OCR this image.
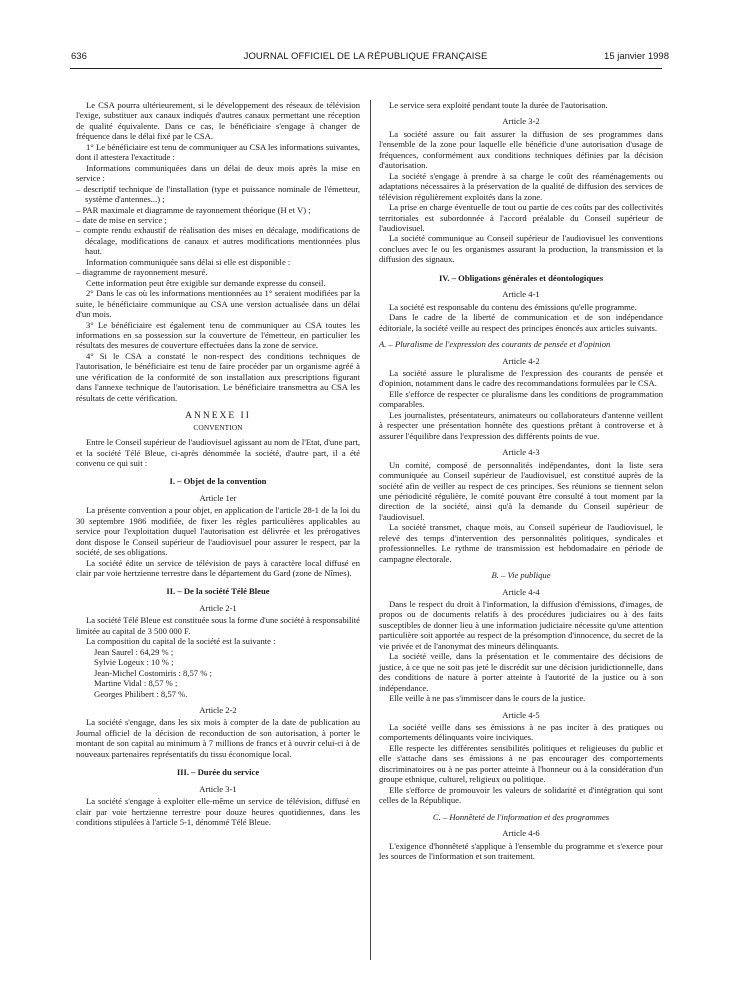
636	JOURNAL OFFICIEL DE LA RÉPUBLIQUE FRANÇAISE	15 janvier 1998

Le CSA pourra ultérieurement, si le développement des réseaux de télévision l'exige, substituer aux canaux indiqués d'autres canaux permettant une réception de qualité équivalente. Dans ce cas, le bénéficiaire s'engage à changer de fréquence dans le délai fixé par le CSA.

1° Le bénéficiaire est tenu de communiquer au CSA les informations suivantes, dont il attestera l'exactitude :

Informations communiquées dans un délai de deux mois après la mise en service :

– descriptif technique de l'installation (type et puissance nominale de l'émetteur, système d'antennes...) ;

– PAR maximale et diagramme de rayonnement théorique (H et V) ;

– date de mise en service ;

– compte rendu exhaustif de réalisation des mises en décalage, modifications de décalage, modifications de canaux et autres modifications mentionnées plus haut.

Information communiquée sans délai si elle est disponible :

– diagramme de rayonnement mesuré.

Cette information peut être exigible sur demande expresse du conseil.

2° Dans le cas où les informations mentionnées au 1° seraient modifiées par la suite, le bénéficiaire communique au CSA une version actualisée dans un délai d'un mois.

3° Le bénéficiaire est également tenu de communiquer au CSA toutes les informations en sa possession sur la couverture de l'émetteur, en particulier les résultats des mesures de couverture effectuées dans la zone de service.

4° Si le CSA a constaté le non-respect des conditions techniques de l'autorisation, le bénéficiaire est tenu de faire procéder par un organisme agréé à une vérification de la conformité de son installation aux prescriptions figurant dans l'annexe technique de l'autorisation. Le bénéficiaire transmettra au CSA les résultats de cette vérification.

ANNEXE II
CONVENTION

Entre le Conseil supérieur de l'audiovisuel agissant au nom de l'Etat, d'une part, et la société Télé Bleue, ci-après dénommée la société, d'autre part, il a été convenu ce qui suit :

I. – Objet de la convention
Article 1er

La présente convention a pour objet, en application de l'article 28-1 de la loi du 30 septembre 1986 modifiée, de fixer les règles particulières applicables au service pour l'exploitation duquel l'autorisation est délivrée et les prérogatives dont dispose le Conseil supérieur de l'audiovisuel pour assurer le respect, par la société, de ses obligations.

La société édite un service de télévision de pays à caractère local diffusé en clair par voie hertzienne terrestre dans le département du Gard (zone de Nîmes).

II. – De la société Télé Bleue
Article 2-1

La société Télé Bleue est constituée sous la forme d'une société à responsabilité limitée au capital de 3 500 000 F.

La composition du capital de la société est la suivante :

Jean Saurel : 64,29 % ;
Sylvie Logeux : 10 % ;
Jean-Michel Costomiris : 8,57 % ;
Martine Vidal : 8,57 % ;
Georges Philibert : 8,57 %.
Article 2-2

La société s'engage, dans les six mois à compter de la date de publication au Journal officiel de la décision de reconduction de son autorisation, à porter le montant de son capital au minimum à 7 millions de francs et à ouvrir celui-ci à de nouveaux partenaires représentatifs du tissu économique local.

III. – Durée du service
Article 3-1

La société s'engage à exploiter elle-même un service de télévision, diffusé en clair par voie hertzienne terrestre pour douze heures quotidiennes, dans les conditions stipulées à l'article 5-1, dénommé Télé Bleue.

Le service sera exploité pendant toute la durée de l'autorisation.

Article 3-2

La société assure ou fait assurer la diffusion de ses programmes dans l'ensemble de la zone pour laquelle elle bénéficie d'une autorisation d'usage de fréquences, conformément aux conditions techniques définies par la décision d'autorisation.

La société s'engage à prendre à sa charge le coût des réaménagements ou adaptations nécessaires à la préservation de la qualité de diffusion des services de télévision régulièrement exploités dans la zone.

La prise en charge éventuelle de tout ou partie de ces coûts par des collectivités territoriales est subordonnée à l'accord préalable du Conseil supérieur de l'audiovisuel.

La société communique au Conseil supérieur de l'audiovisuel les conventions conclues avec le ou les organismes assurant la production, la transmission et la diffusion des signaux.

IV. – Obligations générales et déontologiques
Article 4-1

La société est responsable du contenu des émissions qu'elle programme.

Dans le cadre de la liberté de communication et de son indépendance éditoriale, la société veille au respect des principes énoncés aux articles suivants.

A. – Pluralisme de l'expression des courants de pensée et d'opinion

Article 4-2

La société assure le pluralisme de l'expression des courants de pensée et d'opinion, notamment dans le cadre des recommandations formulées par le CSA.

Elle s'efforce de respecter ce pluralisme dans les conditions de programmation comparables.

Les journalistes, présentateurs, animateurs ou collaborateurs d'antenne veillent à respecter une présentation honnête des questions prêtant à controverse et à assurer l'équilibre dans l'expression des différents points de vue.

Article 4-3

Un comité, composé de personnalités indépendantes, dont la liste sera communiquée au Conseil supérieur de l'audiovisuel, est constitué auprès de la société afin de veiller au respect de ces principes. Ses réunions se tiennent selon une périodicité régulière, le comité pouvant être consulté à tout moment par la direction de la société, ainsi qu'à la demande du Conseil supérieur de l'audiovisuel.

La société transmet, chaque mois, au Conseil supérieur de l'audiovisuel, le relevé des temps d'intervention des personnalités politiques, syndicales et professionnelles. Le rythme de transmission est hebdomadaire en période de campagne électorale.

B. – Vie publique
Article 4-4

Dans le respect du droit à l'information, la diffusion d'émissions, d'images, de propos ou de documents relatifs à des procédures judiciaires ou à des faits susceptibles de donner lieu à une information judiciaire nécessite qu'une attention particulière soit apportée au respect de la présomption d'innocence, du secret de la vie privée et de l'anonymat des mineurs délinquants.

La société veille, dans la présentation et le commentaire des décisions de justice, à ce que ne soit pas jeté le discrédit sur une décision juridictionnelle, dans des conditions de nature à porter atteinte à l'autorité de la justice ou à son indépendance.

Elle veille à ne pas s'immiscer dans le cours de la justice.

Article 4-5

La société veille dans ses émissions à ne pas inciter à des pratiques ou comportements délinquants voire inciviques.

Elle respecte les différentes sensibilités politiques et religieuses du public et elle s'attache dans ses émissions à ne pas encourager des comportements discriminatoires ou à ne pas porter atteinte à l'honneur ou à la considération d'un groupe ethnique, culturel, religieux ou politique.

Elle s'efforce de promouvoir les valeurs de solidarité et d'intégration qui sont celles de la République.

C. – Honnêteté de l'information et des programmes
Article 4-6

L'exigence d'honnêteté s'applique à l'ensemble du programme et s'exerce pour les sources de l'information et son traitement.
